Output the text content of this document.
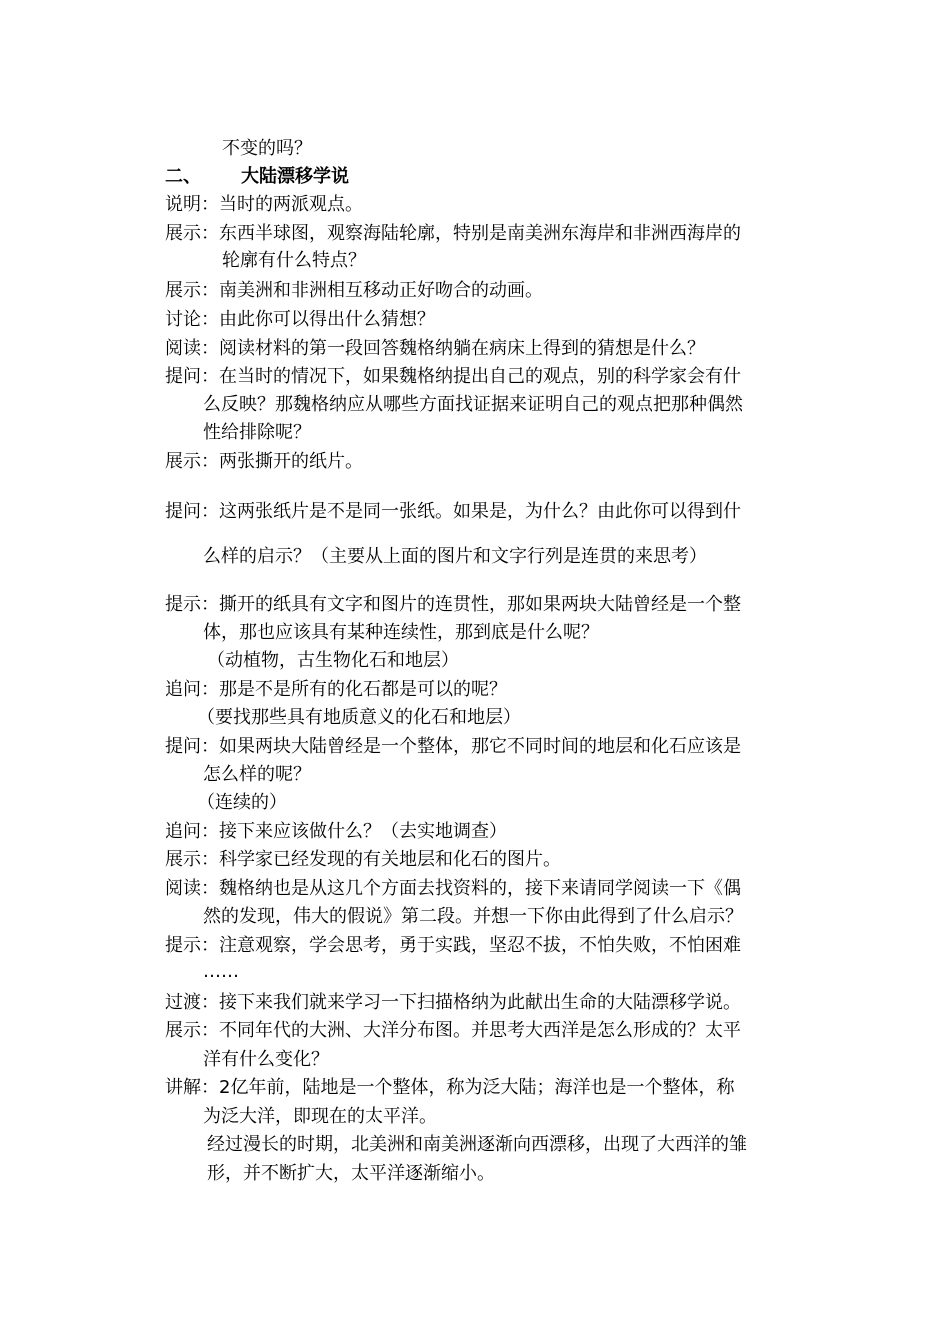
不变的吗？
二、 大陆漂移学说
说明：当时的两派观点。
展示：东西半球图，观察海陆轮廓，特别是南美洲东海岸和非洲西海岸的
轮廓有什么特点？
展示：南美洲和非洲相互移动正好吻合的动画。
讨论：由此你可以得出什么猜想？
阅读：阅读材料的第一段回答魏格纳躺在病床上得到的猜想是什么？
提问：在当时的情况下，如果魏格纳提出自己的观点，别的科学家会有什
么反映？那魏格纳应从哪些方面找证据来证明自己的观点把那种偶然
性给排除呢？
展示：两张撕开的纸片。
提问：这两张纸片是不是同一张纸。如果是，为什么？由此你可以得到什
么样的启示？（主要从上面的图片和文字行列是连贯的来思考）
提示：撕开的纸具有文字和图片的连贯性，那如果两块大陆曾经是一个整
体，那也应该具有某种连续性，那到底是什么呢？
（动植物，古生物化石和地层）
追问：那是不是所有的化石都是可以的呢？
（要找那些具有地质意义的化石和地层）
提问：如果两块大陆曾经是一个整体，那它不同时间的地层和化石应该是
怎么样的呢？
（连续的）
追问：接下来应该做什么？（去实地调查）
展示：科学家已经发现的有关地层和化石的图片。
阅读：魏格纳也是从这几个方面去找资料的，接下来请同学阅读一下《偶
然的发现，伟大的假说》第二段。并想一下你由此得到了什么启示？
提示：注意观察，学会思考，勇于实践，坚忍不拔，不怕失败，不怕困难
……
过渡：接下来我们就来学习一下扫描格纳为此献出生命的大陆漂移学说。
展示：不同年代的大洲、大洋分布图。并思考大西洋是怎么形成的？太平
洋有什么变化？
讲解：2亿年前，陆地是一个整体，称为泛大陆；海洋也是一个整体，称
为泛大洋，即现在的太平洋。
经过漫长的时期，北美洲和南美洲逐渐向西漂移，出现了大西洋的雏
形，并不断扩大，太平洋逐渐缩小。
